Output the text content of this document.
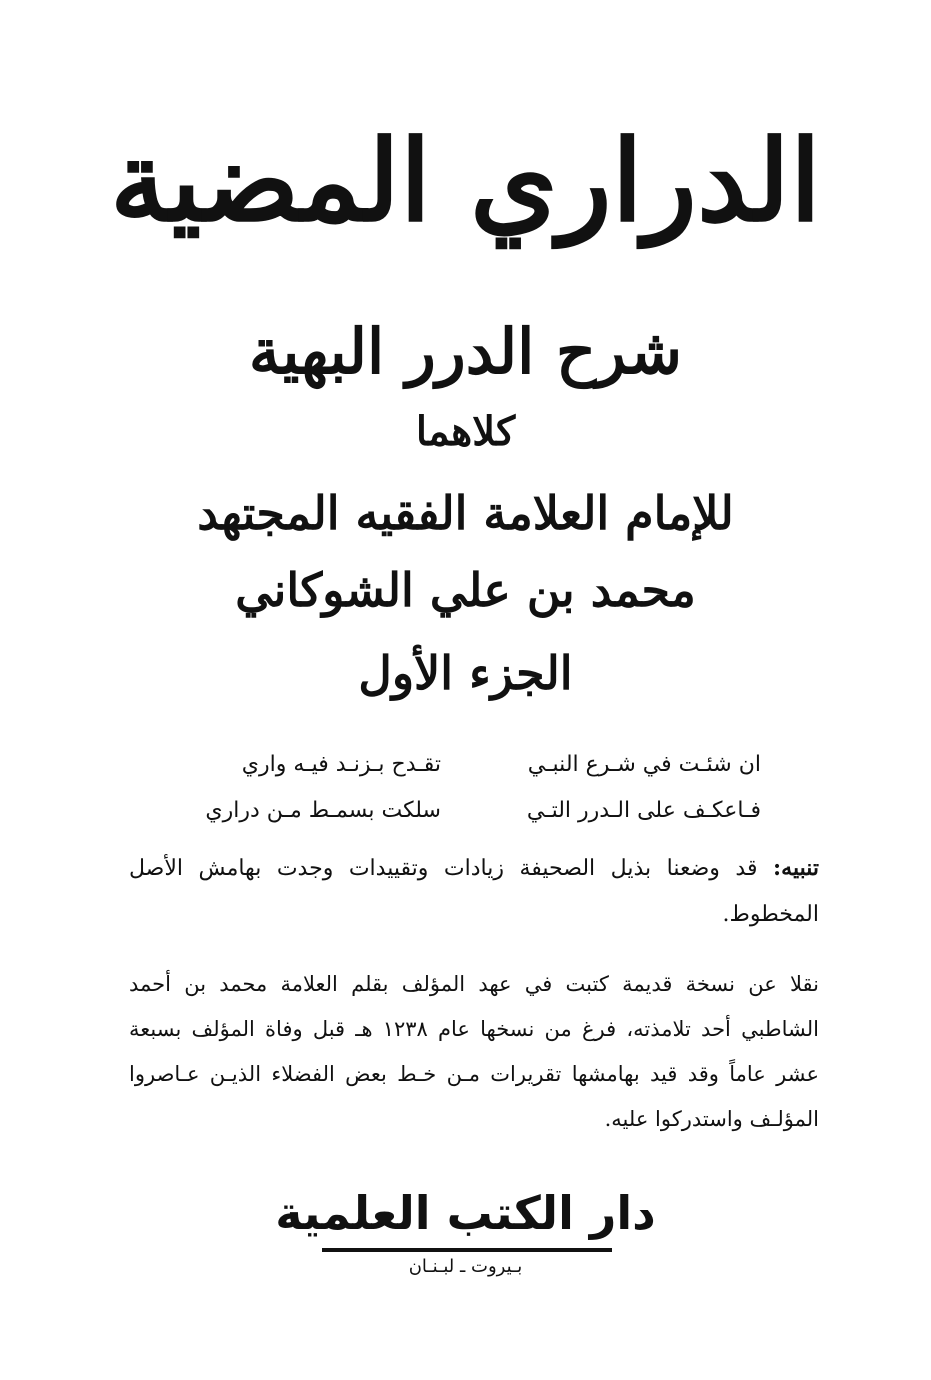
الدراري المضية
شرح الدرر البهية
كلاهما
للإمام العلامة الفقيه المجتهد
محمد بن علي الشوكاني
الجزء الأول
ان شئـت في شـرع النبـي
تقـدح بـزنـد فيـه واري
فـاعكـف على الـدرر التـي
سلكت بسمـط مـن دراري
تنبيه: قد وضعنا بذيل الصحيفة زيادات وتقييدات وجدت بهامش الأصل المخطوط.
نقلا عن نسخة قديمة كتبت في عهد المؤلف بقلم العلامة محمد بن أحمد الشاطبي أحد تلامذته، فرغ من نسخها عام ١٢٣٨ هـ قبل وفاة المؤلف بسبعة عشر عاماً وقد قيد بهامشها تقريرات مـن خـط بعض الفضلاء الذيـن عـاصروا المؤلـف واستدركوا عليه.
دار الكتب العلمية
بـيروت ـ لبـنـان
